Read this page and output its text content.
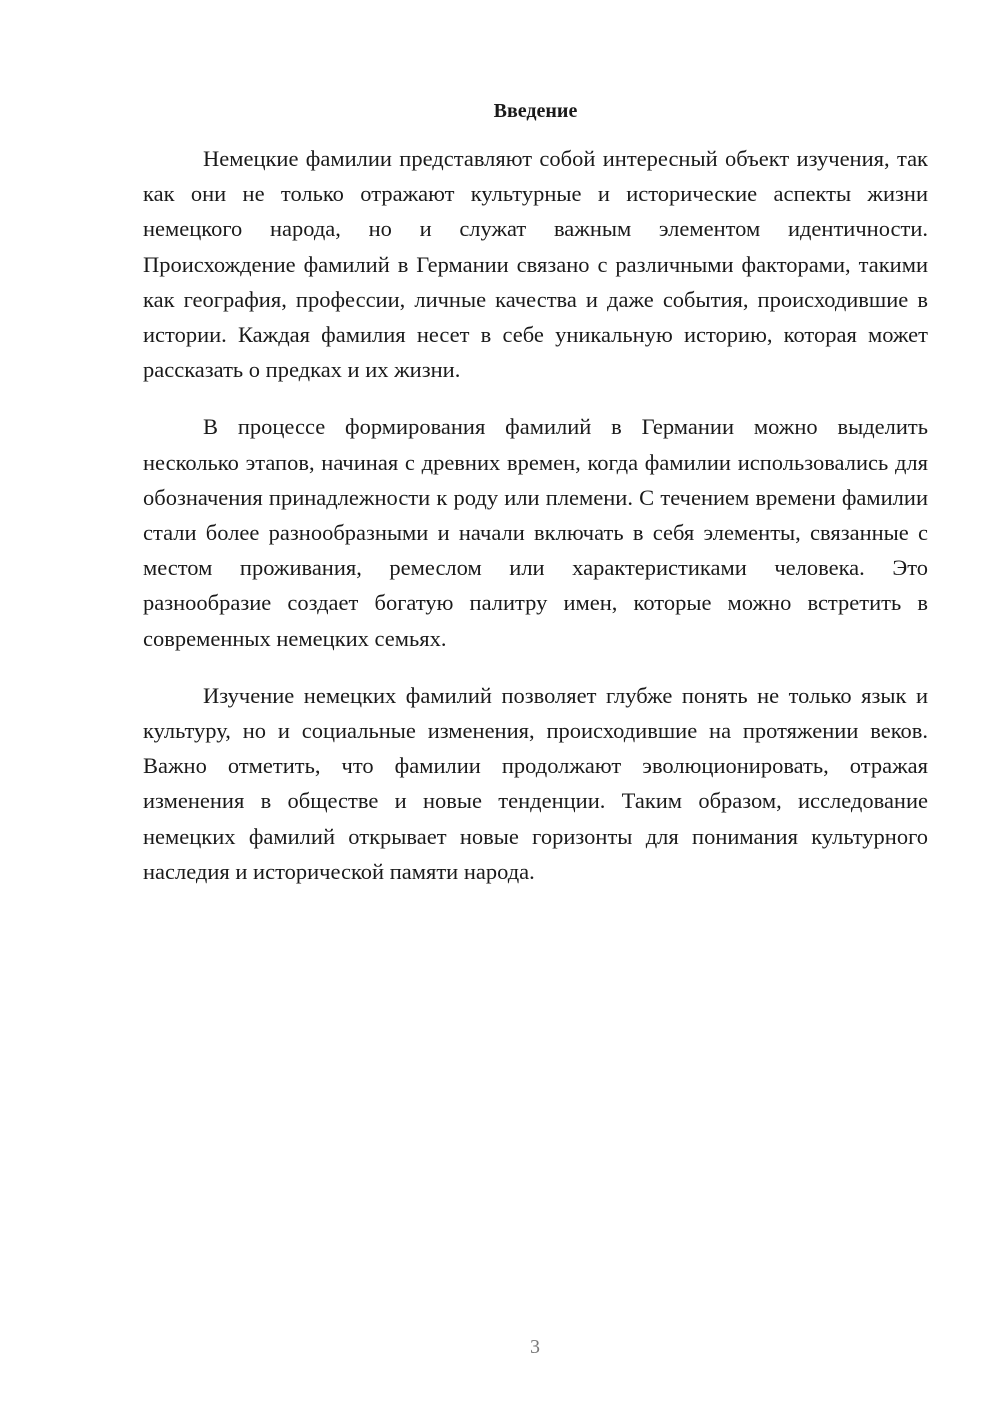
Введение

Немецкие фамилии представляют собой интересный объект изучения, так как они не только отражают культурные и исторические аспекты жизни немецкого народа, но и служат важным элементом идентичности. Происхождение фамилий в Германии связано с различными факторами, такими как география, профессии, личные качества и даже события, происходившие в истории. Каждая фамилия несет в себе уникальную историю, которая может рассказать о предках и их жизни.

В процессе формирования фамилий в Германии можно выделить несколько этапов, начиная с древних времен, когда фамилии использовались для обозначения принадлежности к роду или племени. С течением времени фамилии стали более разнообразными и начали включать в себя элементы, связанные с местом проживания, ремеслом или характеристиками человека. Это разнообразие создает богатую палитру имен, которые можно встретить в современных немецких семьях.

Изучение немецких фамилий позволяет глубже понять не только язык и культуру, но и социальные изменения, происходившие на протяжении веков. Важно отметить, что фамилии продолжают эволюционировать, отражая изменения в обществе и новые тенденции. Таким образом, исследование немецких фамилий открывает новые горизонты для понимания культурного наследия и исторической памяти народа.

3
